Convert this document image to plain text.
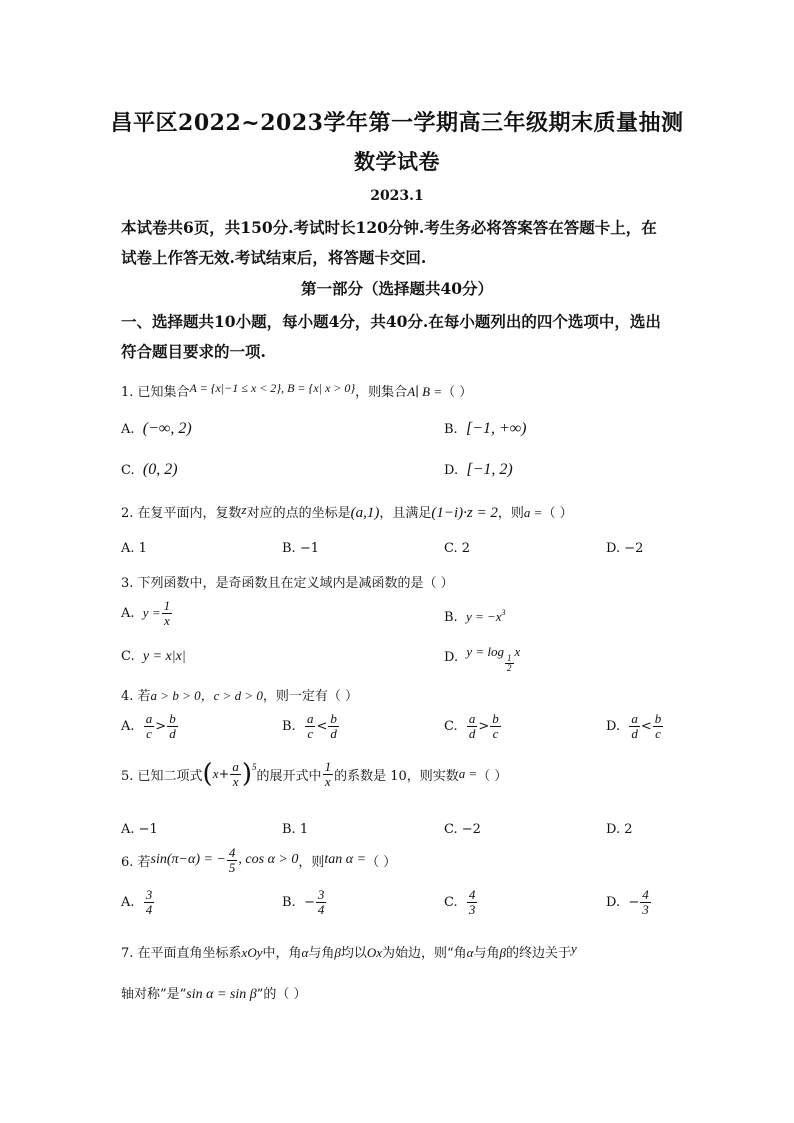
昌平区2022~2023学年第一学期高三年级期末质量抽测
数学试卷
2023.1
本试卷共6页，共150分.考试时长120分钟.考生务必将答案答在答题卡上，在
试卷上作答无效.考试结束后，将答题卡交回.
第一部分（选择题共40分）
一、选择题共10小题，每小题4分，共40分.在每小题列出的四个选项中，选出
符合题目要求的一项.
1. 已知集合A = {x|−1 ≤ x < 2}, B = {x| x > 0}，则集合A∣ B =（ ）
A. (−∞, 2)	B. [−1, +∞)
C. (0, 2)	D. [−1, 2)
2. 在复平面内，复数z对应的点的坐标是(a,1)，且满足(1−i)·z = 2，则a =（ ）
A. 1	B. −1	C. 2	D. −2
3. 下列函数中，是奇函数且在定义域内是减函数的是（ ）
A.
$y = \frac{1}{x}$	B. $y = -x^3$
C. y = x|x|	D.
y = log
$\frac{1}{2}$
x
4. 若a > b > 0，c > d > 0，则一定有（ ）
A.
$\frac{a}{c} > \frac{b}{d}$	B.
$\frac{a}{c} < \frac{b}{d}$	C.
$\frac{a}{d} > \frac{b}{c}$	D.
$\frac{a}{d} < \frac{b}{c}$
5. 已知二项式 ( $x + \frac{a}{x}$ ) 5
的展开式中 $\frac{1}{x}$ 的系数是 10，则实数 a = （ ）
A. −1	B. 1	C. −2	D. 2
6. 若 sin(π−α) = − $\frac{4}{5}$ , cos α > 0 ，则 tan α = （ ）
A.
$\frac{3}{4}$	B.
− $\frac{3}{4}$	C.
$\frac{4}{3}$	D.
− $\frac{4}{3}$
7. 在平面直角坐标系xOy中，角α与角β均以Ox为始边，则“角α与角β的终边关于y
轴对称”是“sin α = sin β”的（ ）
